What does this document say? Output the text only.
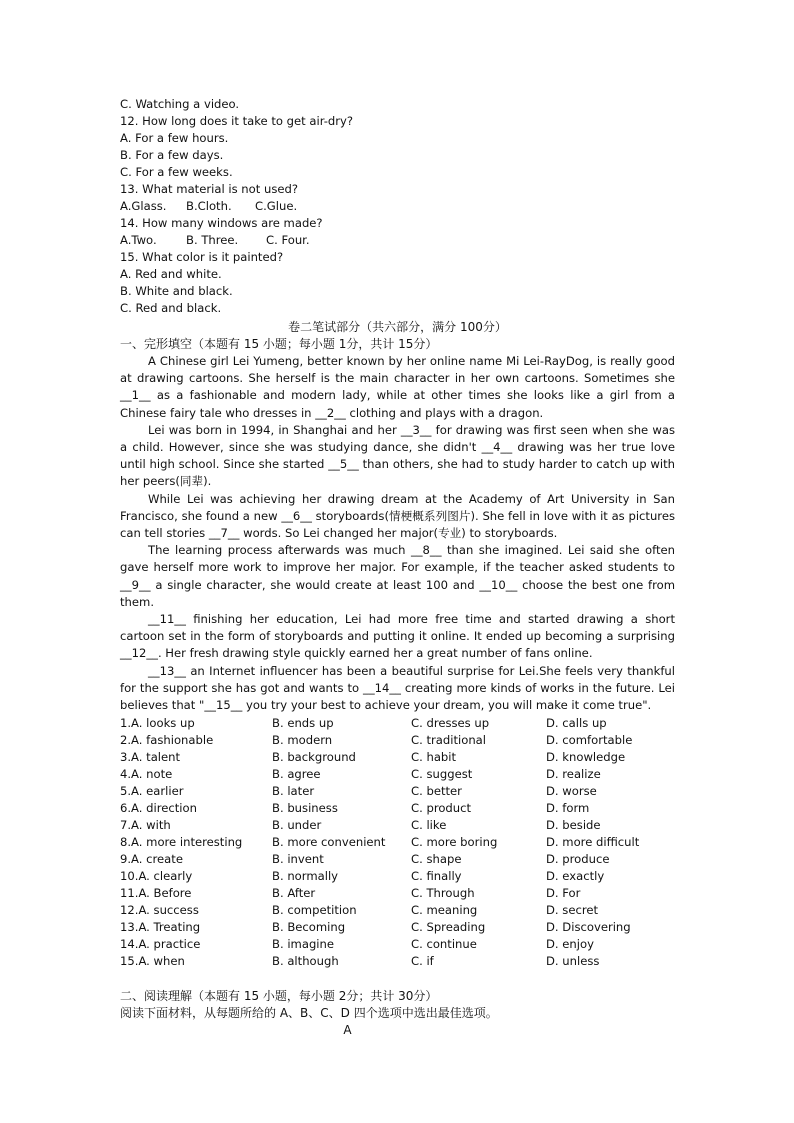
C. Watching a video.
12. How long does it take to get air-dry?
A. For a few hours.
B. For a few days.
C. For a few weeks.
13. What material is not used?
A.Glass. B.Cloth. C.Glue.
14. How many windows are made?
A.Two.	B. Three. C. Four.
15. What color is it painted?
A. Red and white.
B. White and black.
C. Red and black.
卷二笔试部分（共六部分，满分 100分）
一、完形填空（本题有 15 小题；每小题 1分，共计 15分）

A Chinese girl Lei Yumeng, better known by her online name Mi Lei-RayDog, is really good at drawing cartoons. She herself is the main character in her own cartoons. Sometimes she __1__ as a fashionable and modern lady, while at other times she looks like a girl from a Chinese fairy tale who dresses in __2__ clothing and plays with a dragon.

Lei was born in 1994, in Shanghai and her __3__ for drawing was first seen when she was a child. However, since she was studying dance, she didn't __4__ drawing was her true love until high school. Since she started __5__ than others, she had to study harder to catch up with her peers(同辈).

While Lei was achieving her drawing dream at the Academy of Art University in San Francisco, she found a new __6__ storyboards(情梗概系列图片). She fell in love with it as pictures can tell stories __7__ words. So Lei changed her major(专业) to storyboards.

The learning process afterwards was much __8__ than she imagined. Lei said she often gave herself more work to improve her major. For example, if the teacher asked students to __9__ a single character, she would create at least 100 and __10__ choose the best one from them.

__11__ finishing her education, Lei had more free time and started drawing a short cartoon set in the form of storyboards and putting it online. It ended up becoming a surprising __12__. Her fresh drawing style quickly earned her a great number of fans online.

__13__ an Internet influencer has been a beautiful surprise for Lei.She feels very thankful for the support she has got and wants to __14__ creating more kinds of works in the future. Lei believes that "__15__ you try your best to achieve your dream, you will make it come true".

1.A. looks up	B. ends up	C. dresses up	D. calls up
2.A. fashionable	B. modern	C. traditional	D. comfortable
3.A. talent	B. background	C. habit	D. knowledge
4.A. note	B. agree	C. suggest	D. realize
5.A. earlier	B. later	C. better	D. worse
6.A. direction	B. business	C. product	D. form
7.A. with	B. under	C. like	D. beside
8.A. more interesting	B. more convenient	C. more boring	D. more difficult
9.A. create	B. invent	C. shape	D. produce
10.A. clearly	B. normally	C. finally	D. exactly
11.A. Before	B. After	C. Through	D. For
12.A. success	B. competition	C. meaning	D. secret
13.A. Treating	B. Becoming	C. Spreading	D. Discovering
14.A. practice	B. imagine	C. continue	D. enjoy
15.A. when	B. although	C. if	D. unless
二、阅读理解（本题有 15 小题，每小题 2分；共计 30分）
阅读下面材料，从每题所给的 A、B、C、D 四个选项中选出最佳选项。
A
